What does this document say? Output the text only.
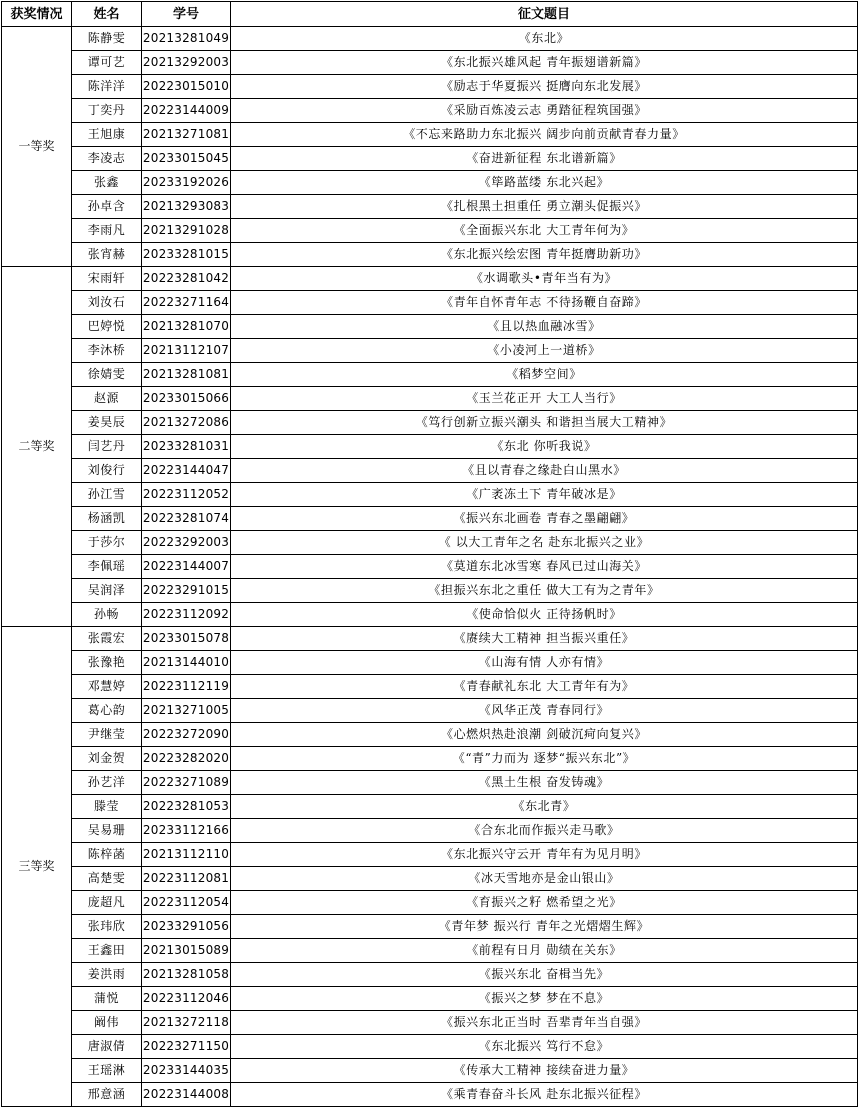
获奖情况	姓名	学号	征文题目
一等奖	陈静雯	20213281049	《东北》
	谭可艺	20213292003	《东北振兴雄风起 青年振翅谱新篇》
	陈洋洋	20223015010	《励志于华夏振兴 挺膺向东北发展》
	丁奕丹	20223144009	《采励百炼凌云志 勇踏征程筑国强》
	王旭康	20213271081	《不忘来路助力东北振兴 阔步向前贡献青春力量》
	李凌志	20233015045	《奋进新征程 东北谱新篇》
	张鑫	20233192026	《筚路蓝缕 东北兴起》
	孙卓含	20213293083	《扎根黑土担重任 勇立潮头促振兴》
	李雨凡	20213291028	《全面振兴东北 大工青年何为》
	张宵赫	20233281015	《东北振兴绘宏图 青年挺膺助新功》
二等奖	宋雨轩	20223281042	《水调歌头•青年当有为》
	刘汝石	20223271164	《青年自怀青年志 不待扬鞭自奋蹄》
	巴婷悦	20213281070	《且以热血融冰雪》
	李沐桥	20213112107	《小凌河上一道桥》
	徐婧雯	20213281081	《稻梦空间》
	赵源	20233015066	《玉兰花正开 大工人当行》
	姜昊辰	20213272086	《笃行创新立振兴潮头 和谐担当展大工精神》
	闫艺丹	20233281031	《东北 你听我说》
	刘俊行	20223144047	《且以青春之缘赴白山黑水》
	孙江雪	20223112052	《广袤冻土下 青年破冰是》
	杨涵凯	20223281074	《振兴东北画卷 青春之墨翩翩》
	于莎尔	20223292003	《 以大工青年之名 赴东北振兴之业》
	李佩瑶	20223144007	《莫道东北冰雪寒 春风已过山海关》
	吴润泽	20223291015	《担振兴东北之重任 做大工有为之青年》
	孙畅	20223112092	《使命恰似火 正待扬帆时》
三等奖	张霞宏	20233015078	《赓续大工精神 担当振兴重任》
	张豫艳	20213144010	《山海有情 人亦有情》
	邓慧婷	20223112119	《青春献礼东北 大工青年有为》
	葛心韵	20213271005	《风华正茂 青春同行》
	尹继莹	20223272090	《心燃炽热赴浪潮 剑破沉疴向复兴》
	刘金贺	20223282020	《“青”力而为 逐梦“振兴东北”》
	孙艺洋	20223271089	《黑土生根 奋发铸魂》
	滕莹	20223281053	《东北青》
	吴易珊	20233112166	《合东北而作振兴走马歌》
	陈梓菡	20213112110	《东北振兴守云开 青年有为见月明》
	高楚雯	20223112081	《冰天雪地亦是金山银山》
	庞超凡	20223112054	《育振兴之籽 燃希望之光》
	张玮欣	20233291056	《青年梦 振兴行 青年之光熠熠生辉》
	王鑫田	20213015089	《前程有日月 勋绩在关东》
	姜洪雨	20213281058	《振兴东北 奋楫当先》
	蒲悦	20223112046	《振兴之梦 梦在不息》
	阚伟	20213272118	《振兴东北正当时 吾辈青年当自强》
	唐淑倩	20223271150	《东北振兴 笃行不怠》
	王瑶淋	20233144035	《传承大工精神 接续奋进力量》
	邢意涵	20223144008	《乘青春奋斗长风 赴东北振兴征程》
